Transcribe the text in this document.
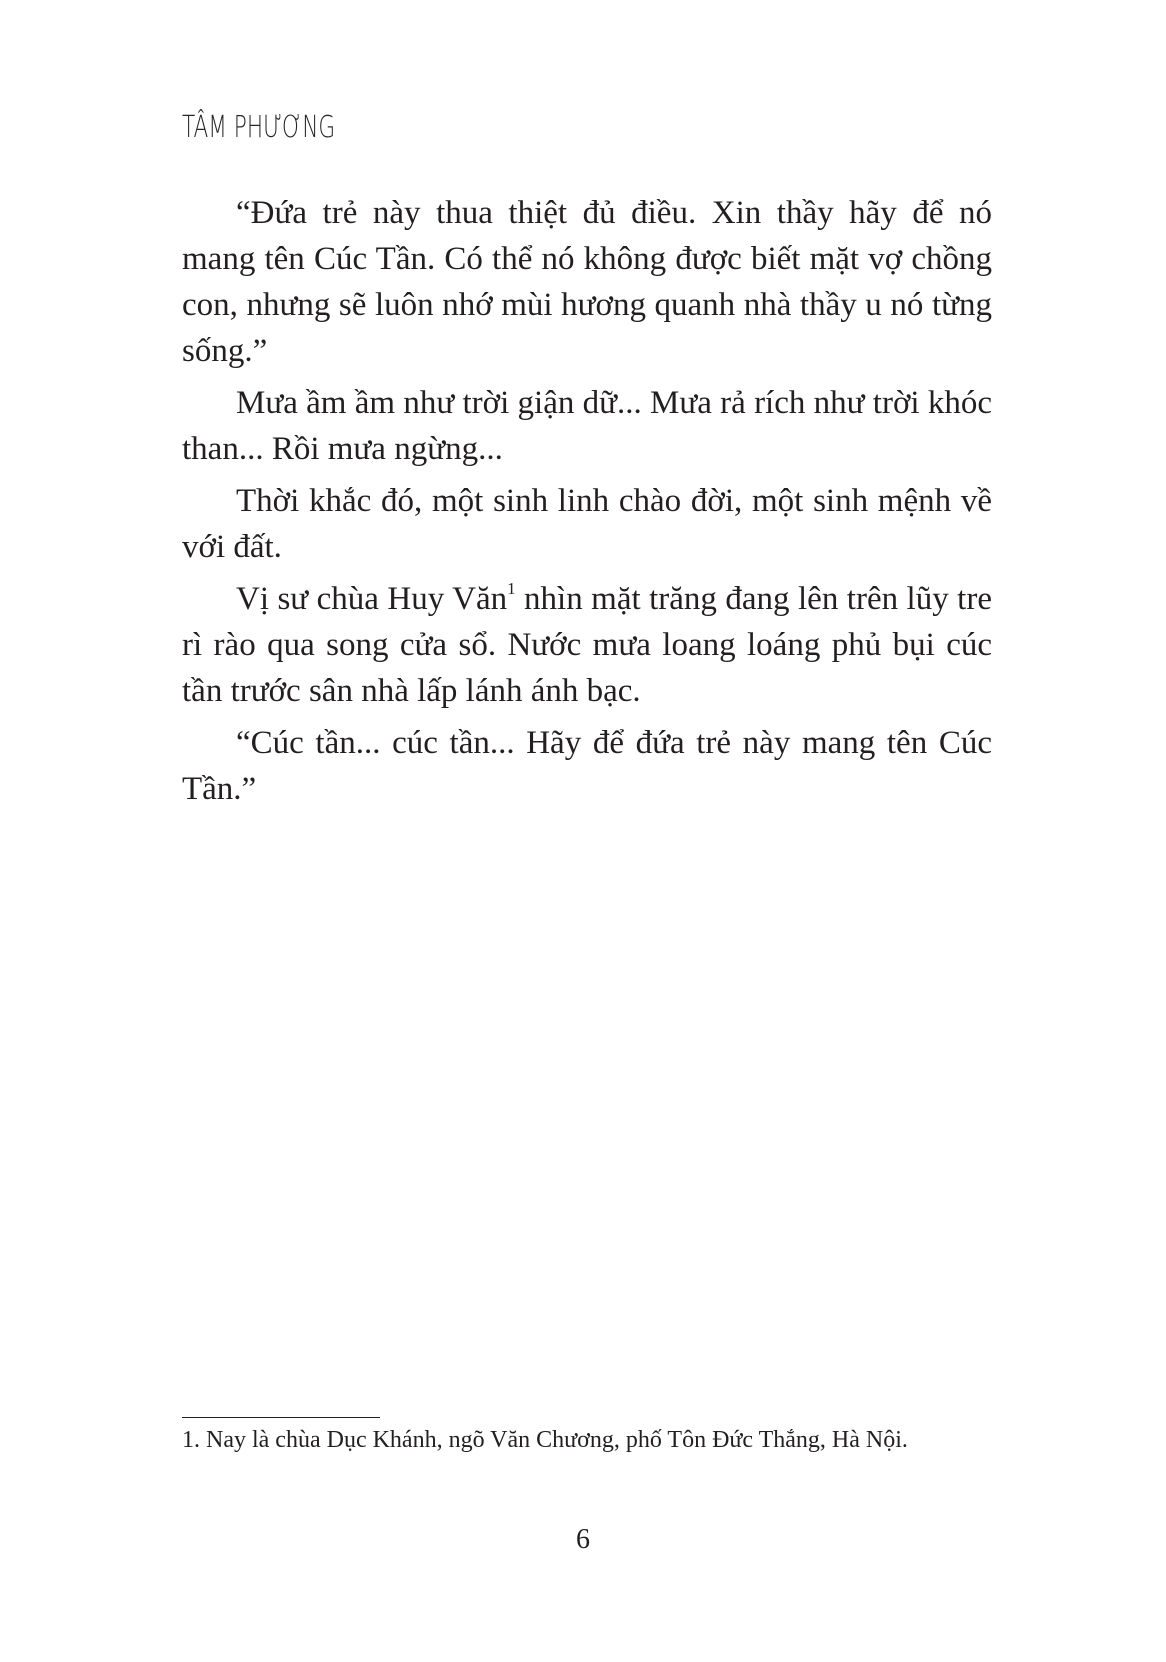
TÂM PHƯƠNG

“Đứa trẻ này thua thiệt đủ điều. Xin thầy hãy để nó mang tên Cúc Tần. Có thể nó không được biết mặt vợ chồng con, nhưng sẽ luôn nhớ mùi hương quanh nhà thầy u nó từng sống.”

Mưa ầm ầm như trời giận dữ... Mưa rả rích như trời khóc than... Rồi mưa ngừng...

Thời khắc đó, một sinh linh chào đời, một sinh mệnh về với đất.

Vị sư chùa Huy Văn$^1$ nhìn mặt trăng đang lên trên lũy tre rì rào qua song cửa sổ. Nước mưa loang loáng phủ bụi cúc tần trước sân nhà lấp lánh ánh bạc.

“Cúc tần... cúc tần... Hãy để đứa trẻ này mang tên Cúc Tần.”

1. Nay là chùa Dục Khánh, ngõ Văn Chương, phố Tôn Đức Thắng, Hà Nội.
6
